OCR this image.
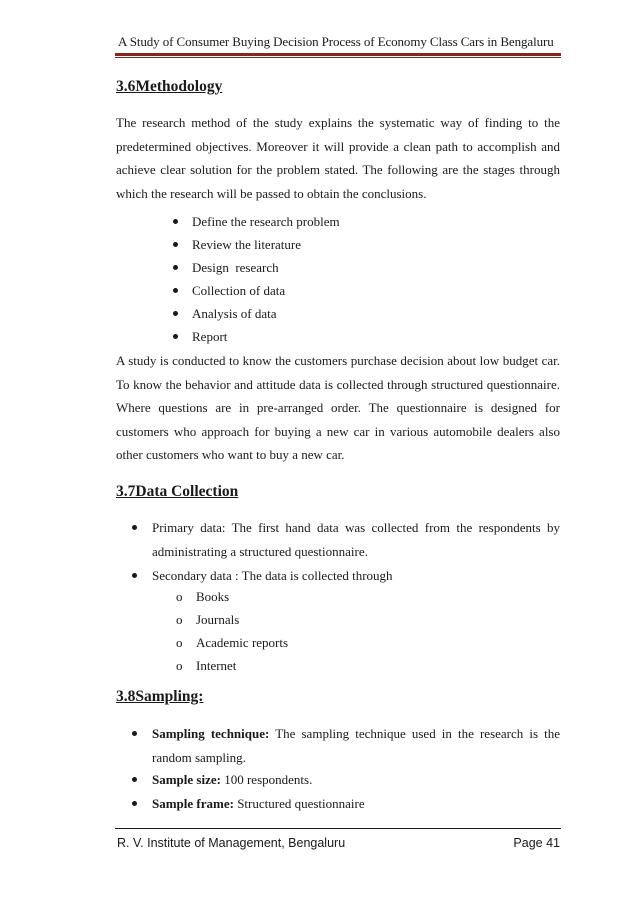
A Study of Consumer Buying Decision Process of Economy Class Cars in Bengaluru
3.6Methodology
The research method of the study explains the systematic way of finding to the
predetermined objectives. Moreover it will provide a clean path to accomplish and
achieve clear solution for the problem stated. The following are the stages through
which the research will be passed to obtain the conclusions.
Define the research problem
Review the literature
Design  research
Collection of data
Analysis of data
Report
A study is conducted to know the customers purchase decision about low budget car.
To know the behavior and attitude data is collected through structured questionnaire.
Where questions are in pre-arranged order. The questionnaire is designed for
customers who approach for buying a new car in various automobile dealers also
other customers who want to buy a new car.
3.7Data Collection
Primary data: The first hand data was collected from the respondents by
administrating a structured questionnaire.
Secondary data : The data is collected through
o Books
o Journals
o Academic reports
o Internet
3.8Sampling:
Sampling technique: The sampling technique used in the research is the
random sampling.
Sample size: 100 respondents.
Sample frame: Structured questionnaire
R. V. Institute of Management, Bengaluru	Page 41
